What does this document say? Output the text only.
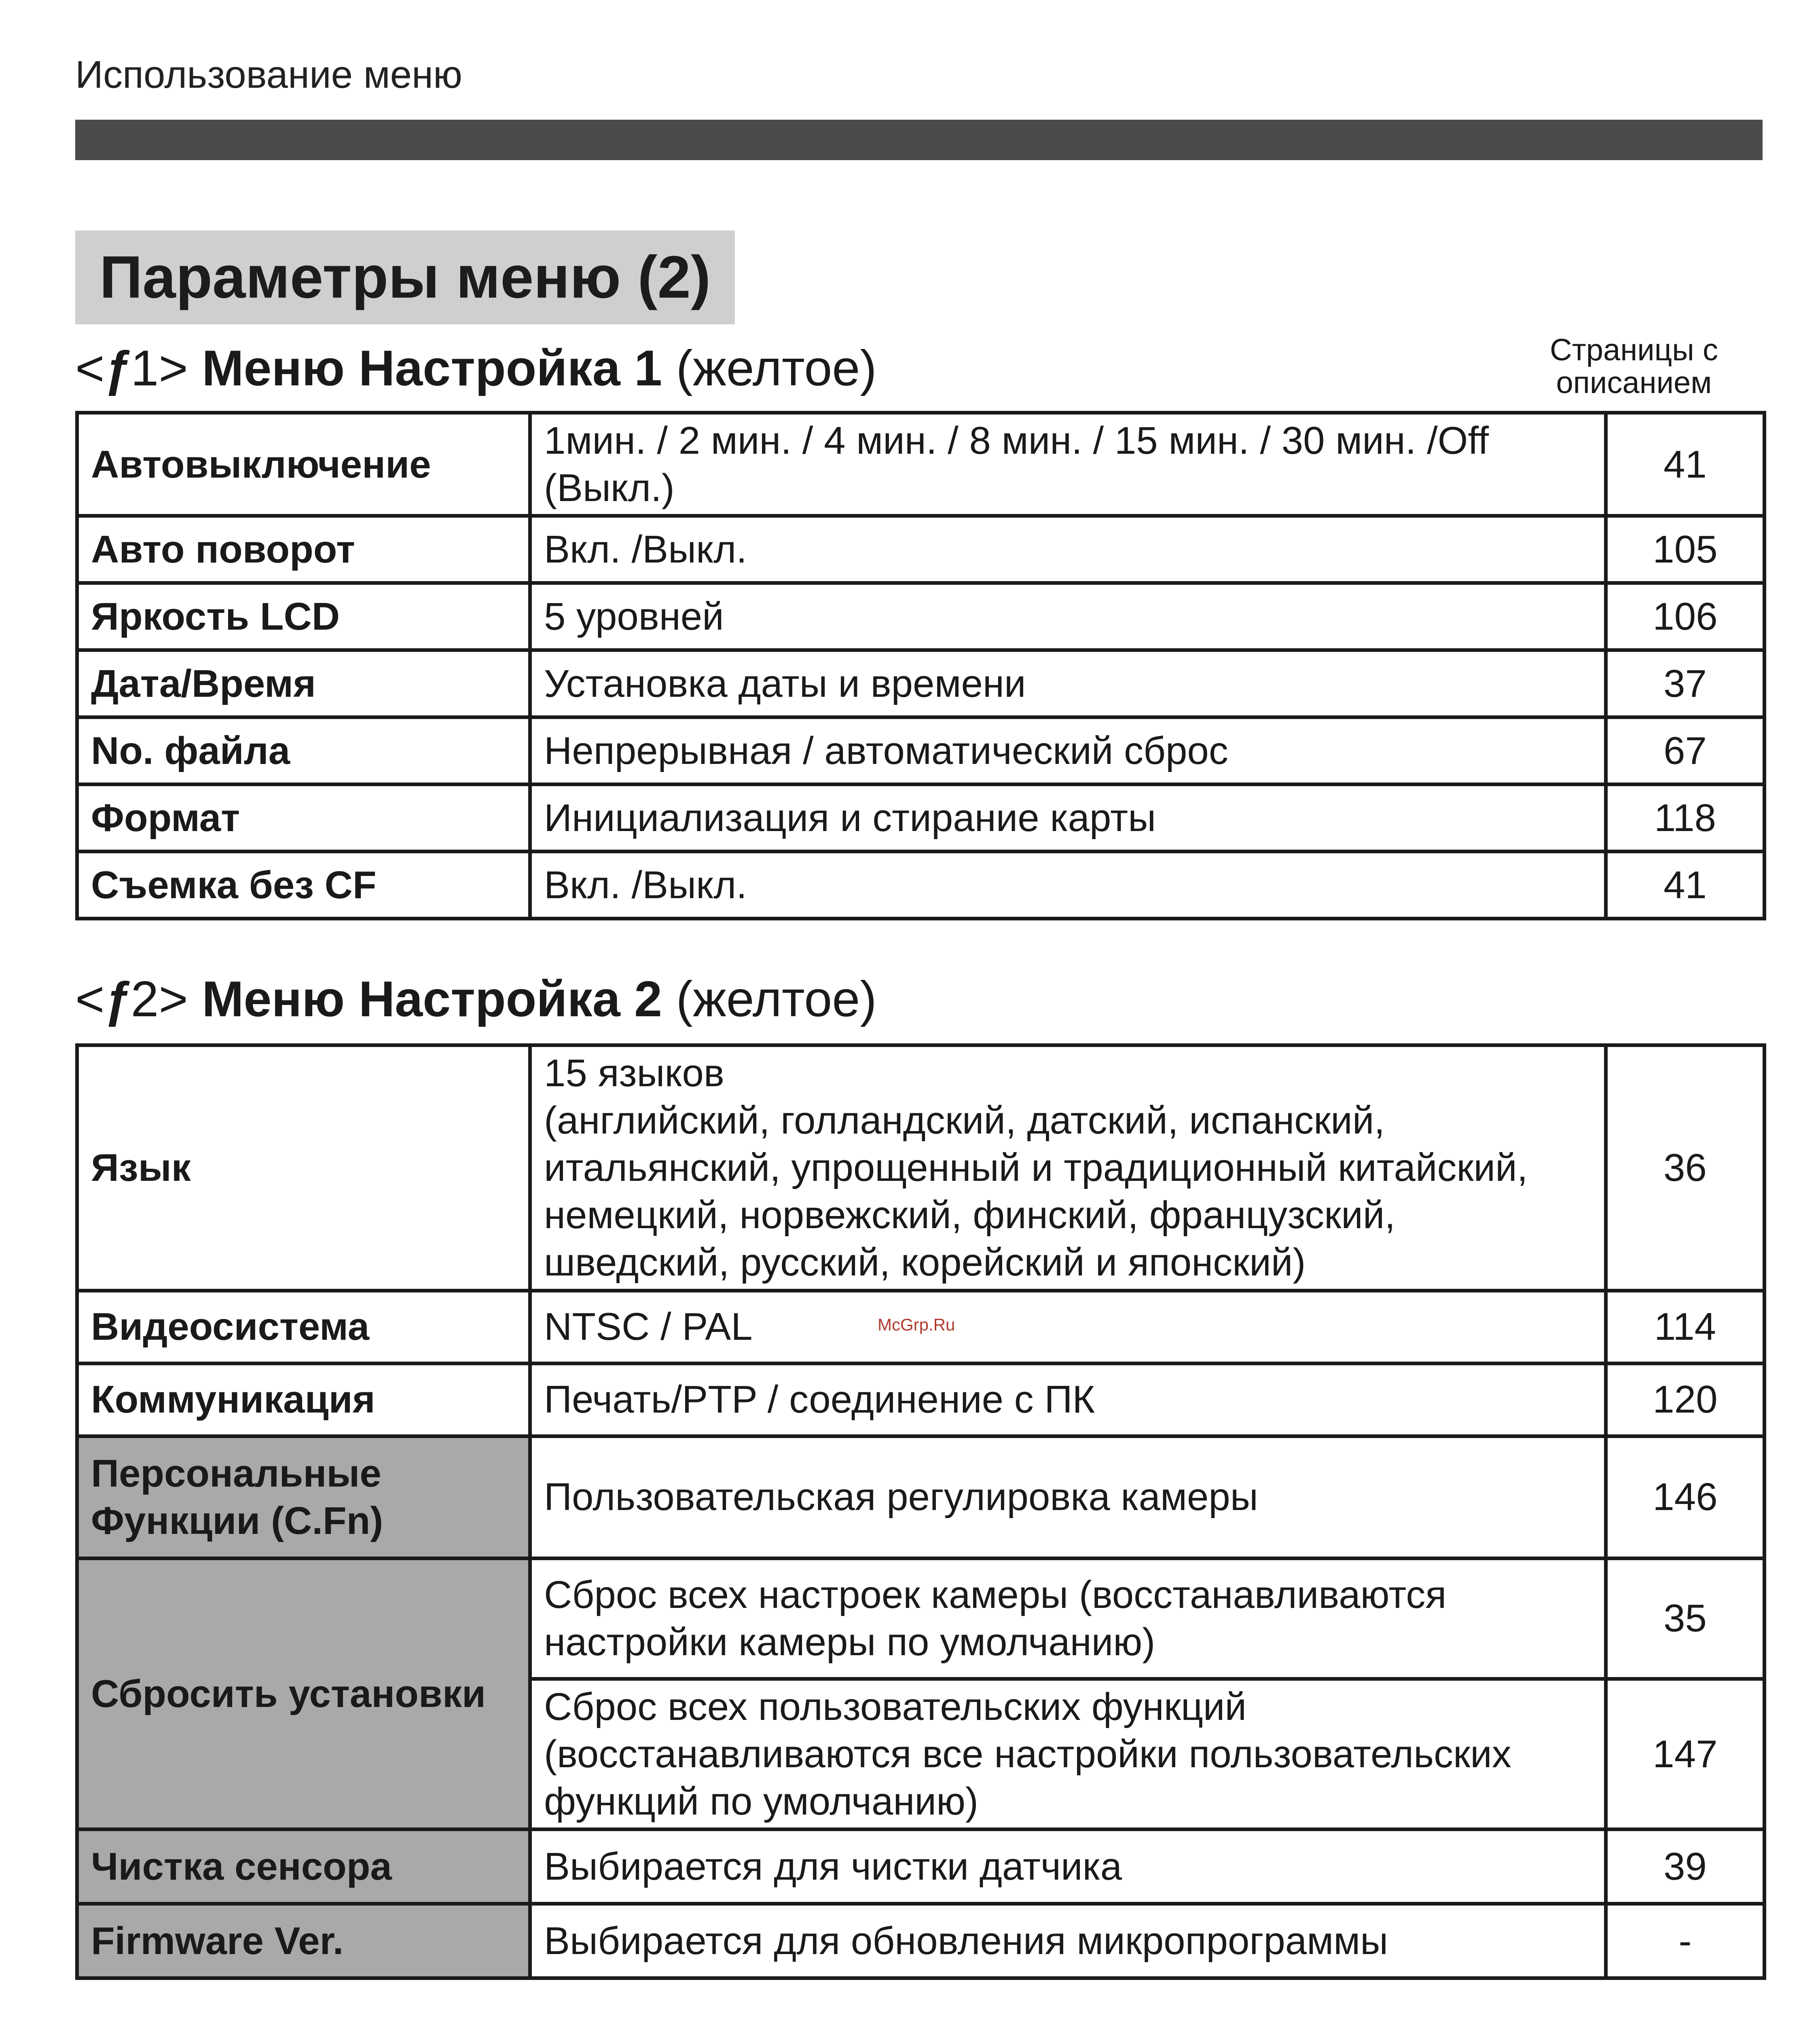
Использование меню
Параметры меню (2)
<ƒ1> Меню Настройка 1 (желтое)	Страницы с
описанием
Автовыключение	1мин. / 2 мин. / 4 мин. / 8 мин. / 15 мин. / 30 мин. /Off (Выкл.)	41
Авто поворот	Вкл. /Выкл.	105
Яркость LCD	5 уровней	106
Дата/Время	Установка даты и времени	37
No. файла	Непрерывная / автоматический сброс	67
Формат	Инициализация и стирание карты	118
Съемка без CF	Вкл. /Выкл.	41
<ƒ2> Меню Настройка 2 (желтое)
Язык	15 языков
(английский, голландский, датский, испанский,
итальянский, упрощенный и традиционный китайский,
немецкий, норвежский, финский, французский,
шведский, русский, корейский и японский)	36
Видеосистема	NTSC / PAL	114
Коммуникация	Печать/PTP / соединение с ПК	120

Персональные
Функции (C.Fn)	Пользовательская регулировка камеры	146
Сбросить установки	Сброс всех настроек камеры (восстанавливаются
настройки камеры по умолчанию)	35

	Сброс всех пользовательских функций
(восстанавливаются все настройки пользовательских
функций по умолчанию)	147
Чистка сенсора	Выбирается для чистки датчика	39
Firmware Ver.	Выбирается для обновления микропрограммы	-
McGrp.Ru
